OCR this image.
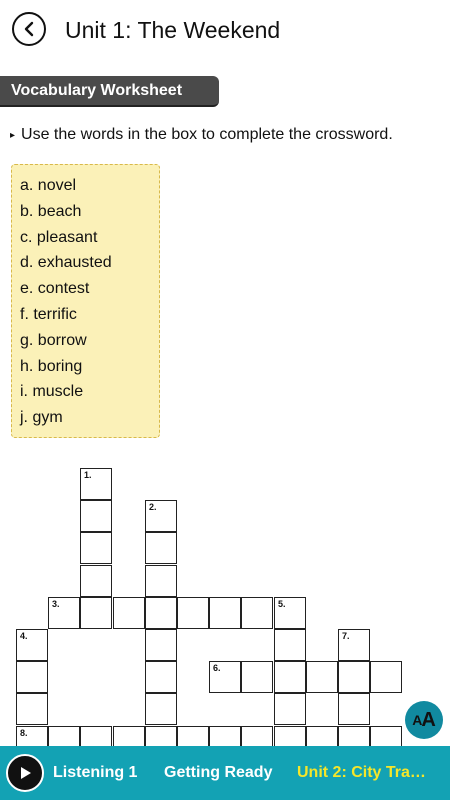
Unit 1: The Weekend
Vocabulary Worksheet
▸ Use the words in the box to complete the crossword.
a. novel
b. beach
c. pleasant
d. exhausted
e. contest
f. terrific
g. borrow
h. boring
i. muscle
j. gym
3.	5.
6.
8.
1.
2.
4.	7.
A A
Listening 1 Getting Ready Unit 2: City Tra…
